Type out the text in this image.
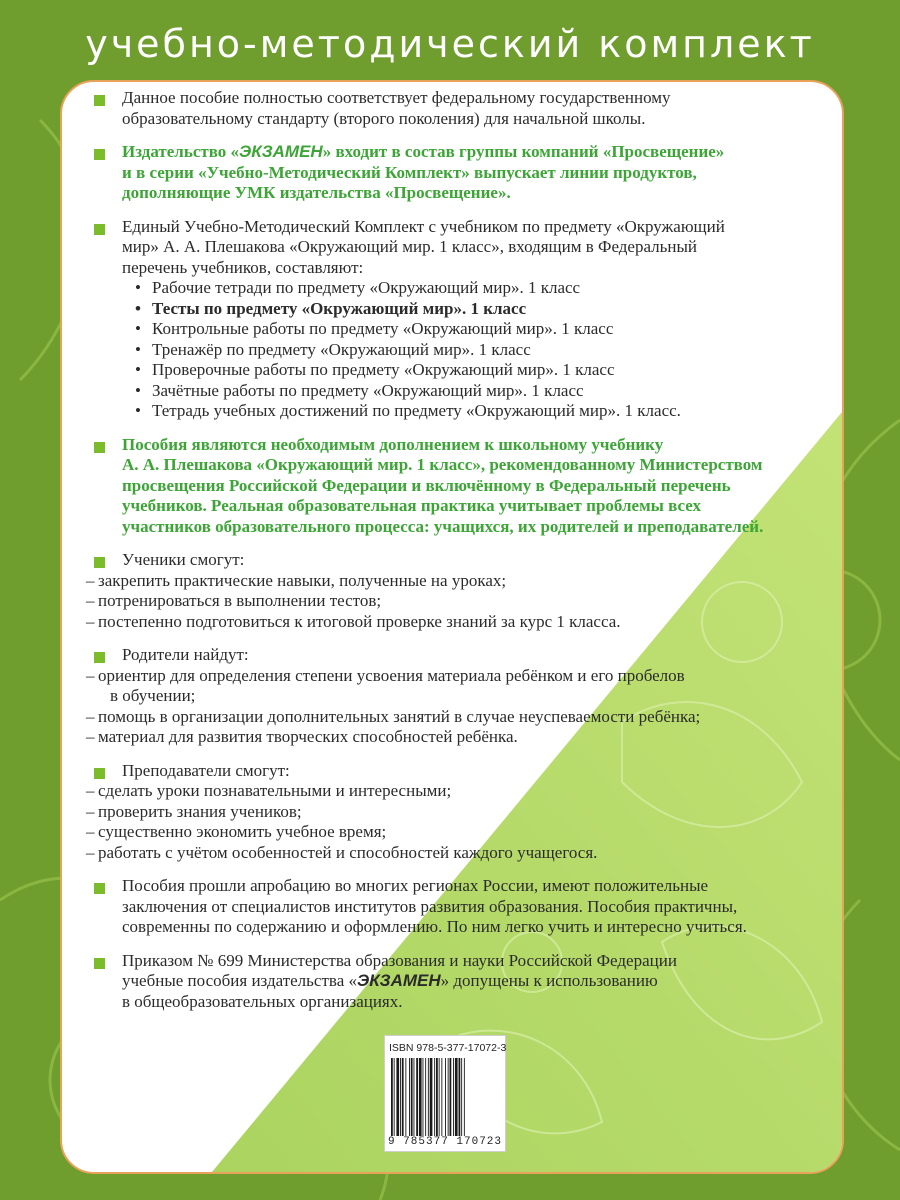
учебно-методический комплект

Данное пособие полностью соответствует федеральному государственному

образовательному стандарту (второго поколения) для начальной школы.

Издательство «ЭКЗАМЕН» входит в состав группы компаний «Просвещение»

и в серии «Учебно-Методический Комплект» выпускает линии продуктов,

дополняющие УМК издательства «Просвещение».

Единый Учебно-Методический Комплект с учебником по предмету «Окружающий

мир» А. А. Плешакова «Окружающий мир. 1 класс», входящим в Федеральный

перечень учебников, составляют:

• Рабочие тетради по предмету «Окружающий мир». 1 класс
• Тесты по предмету «Окружающий мир». 1 класс
• Контрольные работы по предмету «Окружающий мир». 1 класс
• Тренажёр по предмету «Окружающий мир». 1 класс
• Проверочные работы по предмету «Окружающий мир». 1 класс
• Зачётные работы по предмету «Окружающий мир». 1 класс
• Тетрадь учебных достижений по предмету «Окружающий мир». 1 класс.

Пособия являются необходимым дополнением к школьному учебнику

А. А. Плешакова «Окружающий мир. 1 класс», рекомендованному Министерством

просвещения Российской Федерации и включённому в Федеральный перечень

учебников. Реальная образовательная практика учитывает проблемы всех

участников образовательного процесса: учащихся, их родителей и преподавателей.

Ученики смогут:

– закрепить практические навыки, полученные на уроках;
– потренироваться в выполнении тестов;
– постепенно подготовиться к итоговой проверке знаний за курс 1 класса.

Родители найдут:

– ориентир для определения степени усвоения материала ребёнком и его пробелов
в обучении;
– помощь в организации дополнительных занятий в случае неуспеваемости ребёнка;
– материал для развития творческих способностей ребёнка.

Преподаватели смогут:

– сделать уроки познавательными и интересными;
– проверить знания учеников;
– существенно экономить учебное время;
– работать с учётом особенностей и способностей каждого учащегося.

Пособия прошли апробацию во многих регионах России, имеют положительные

заключения от специалистов институтов развития образования. Пособия практичны,

современны по содержанию и оформлению. По ним легко учить и интересно учиться.

Приказом № 699 Министерства образования и науки Российской Федерации

учебные пособия издательства «ЭКЗАМЕН» допущены к использованию

в общеобразовательных организациях.

ISBN 978-5-377-17072-3
9 785377 170723
